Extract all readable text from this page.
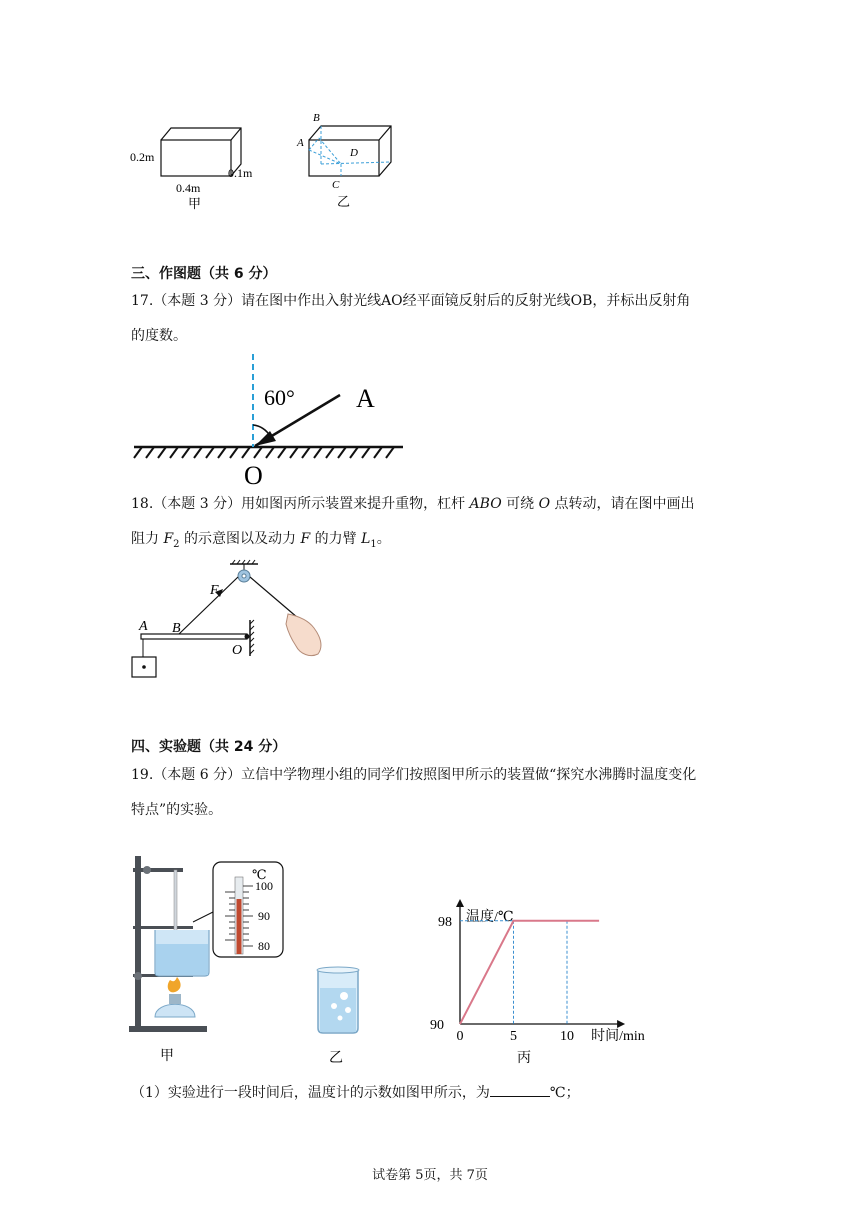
0.2m
0.4m
0.1m
甲
B
A
D
C
乙
三、作图题（共 6 分）
17.（本题 3 分）请在图中作出入射光线AO经平面镜反射后的反射光线OB，并标出反射角
的度数。
60° A
O
18.（本题 3 分）用如图丙所示装置来提升重物，杠杆 ABO 可绕 O 点转动，请在图中画出
阻力 $F_2$ 的示意图以及动力 F 的力臂 $L_1$。
F
A B
O
四、实验题（共 24 分）
19.（本题 6 分）立信中学物理小组的同学们按照图甲所示的装置做“探究水沸腾时温度变化
特点”的实验。
℃
100
90
80
甲	乙
温度/℃
时间/min
0	5	10
90
98
丙
（1）实验进行一段时间后，温度计的示数如图甲所示，为	℃；
试卷第 5页，共 7页
